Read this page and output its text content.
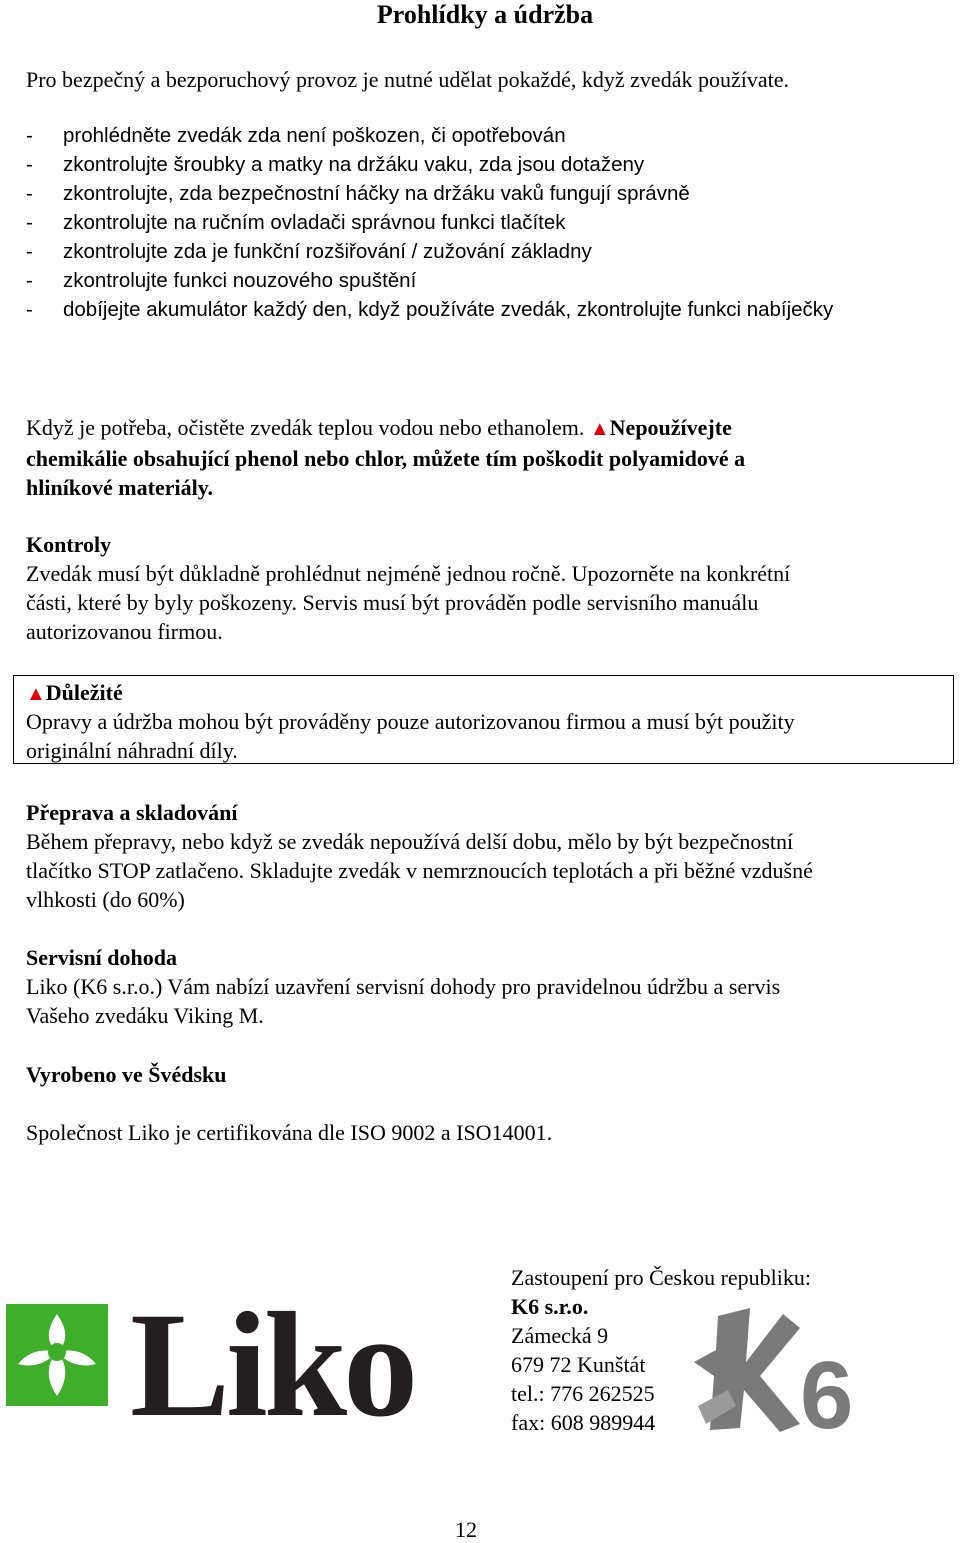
Prohlídky a údržba
Pro bezpečný a bezporuchový provoz je nutné udělat pokaždé, když zvedák používate.
- prohlédněte zvedák zda není poškozen, či opotřebován
- zkontrolujte šroubky a matky na držáku vaku, zda jsou dotaženy
- zkontrolujte, zda bezpečnostní háčky na držáku vaků fungují správně
- zkontrolujte na ručním ovladači správnou funkci tlačítek
- zkontrolujte zda je funkční rozšiřování / zužování základny
- zkontrolujte funkci nouzového spuštění
- dobíjejte akumulátor každý den, když používáte zvedák, zkontrolujte funkci nabíječky
Když je potřeba, očistěte zvedák teplou vodou nebo ethanolem. ▲Nepoužívejte
chemikálie obsahující phenol nebo chlor, můžete tím poškodit polyamidové a
hliníkové materiály.
Kontroly
Zvedák musí být důkladně prohlédnut nejméně jednou ročně. Upozorněte na konkrétní
části, které by byly poškozeny. Servis musí být prováděn podle servisního manuálu
autorizovanou firmou.
▲Důležité
Opravy a údržba mohou být prováděny pouze autorizovanou firmou a musí být použity
originální náhradní díly.
Přeprava a skladování
Během přepravy, nebo když se zvedák nepoužívá delší dobu, mělo by být bezpečnostní
tlačítko STOP zatlačeno. Skladujte zvedák v nemrznoucích teplotách a při běžné vzdušné
vlhkosti (do 60%)
Servisní dohoda
Liko (K6 s.r.o.) Vám nabízí uzavření servisní dohody pro pravidelnou údržbu a servis
Vašeho zvedáku Viking M.
Vyrobeno ve Švédsku
Společnost Liko je certifikována dle ISO 9002 a ISO14001.
Liko
Zastoupení pro Českou republiku:
K6 s.r.o.
Zámecká 9
679 72 Kunštát
tel.: 776 262525
fax: 608 989944	6
12
